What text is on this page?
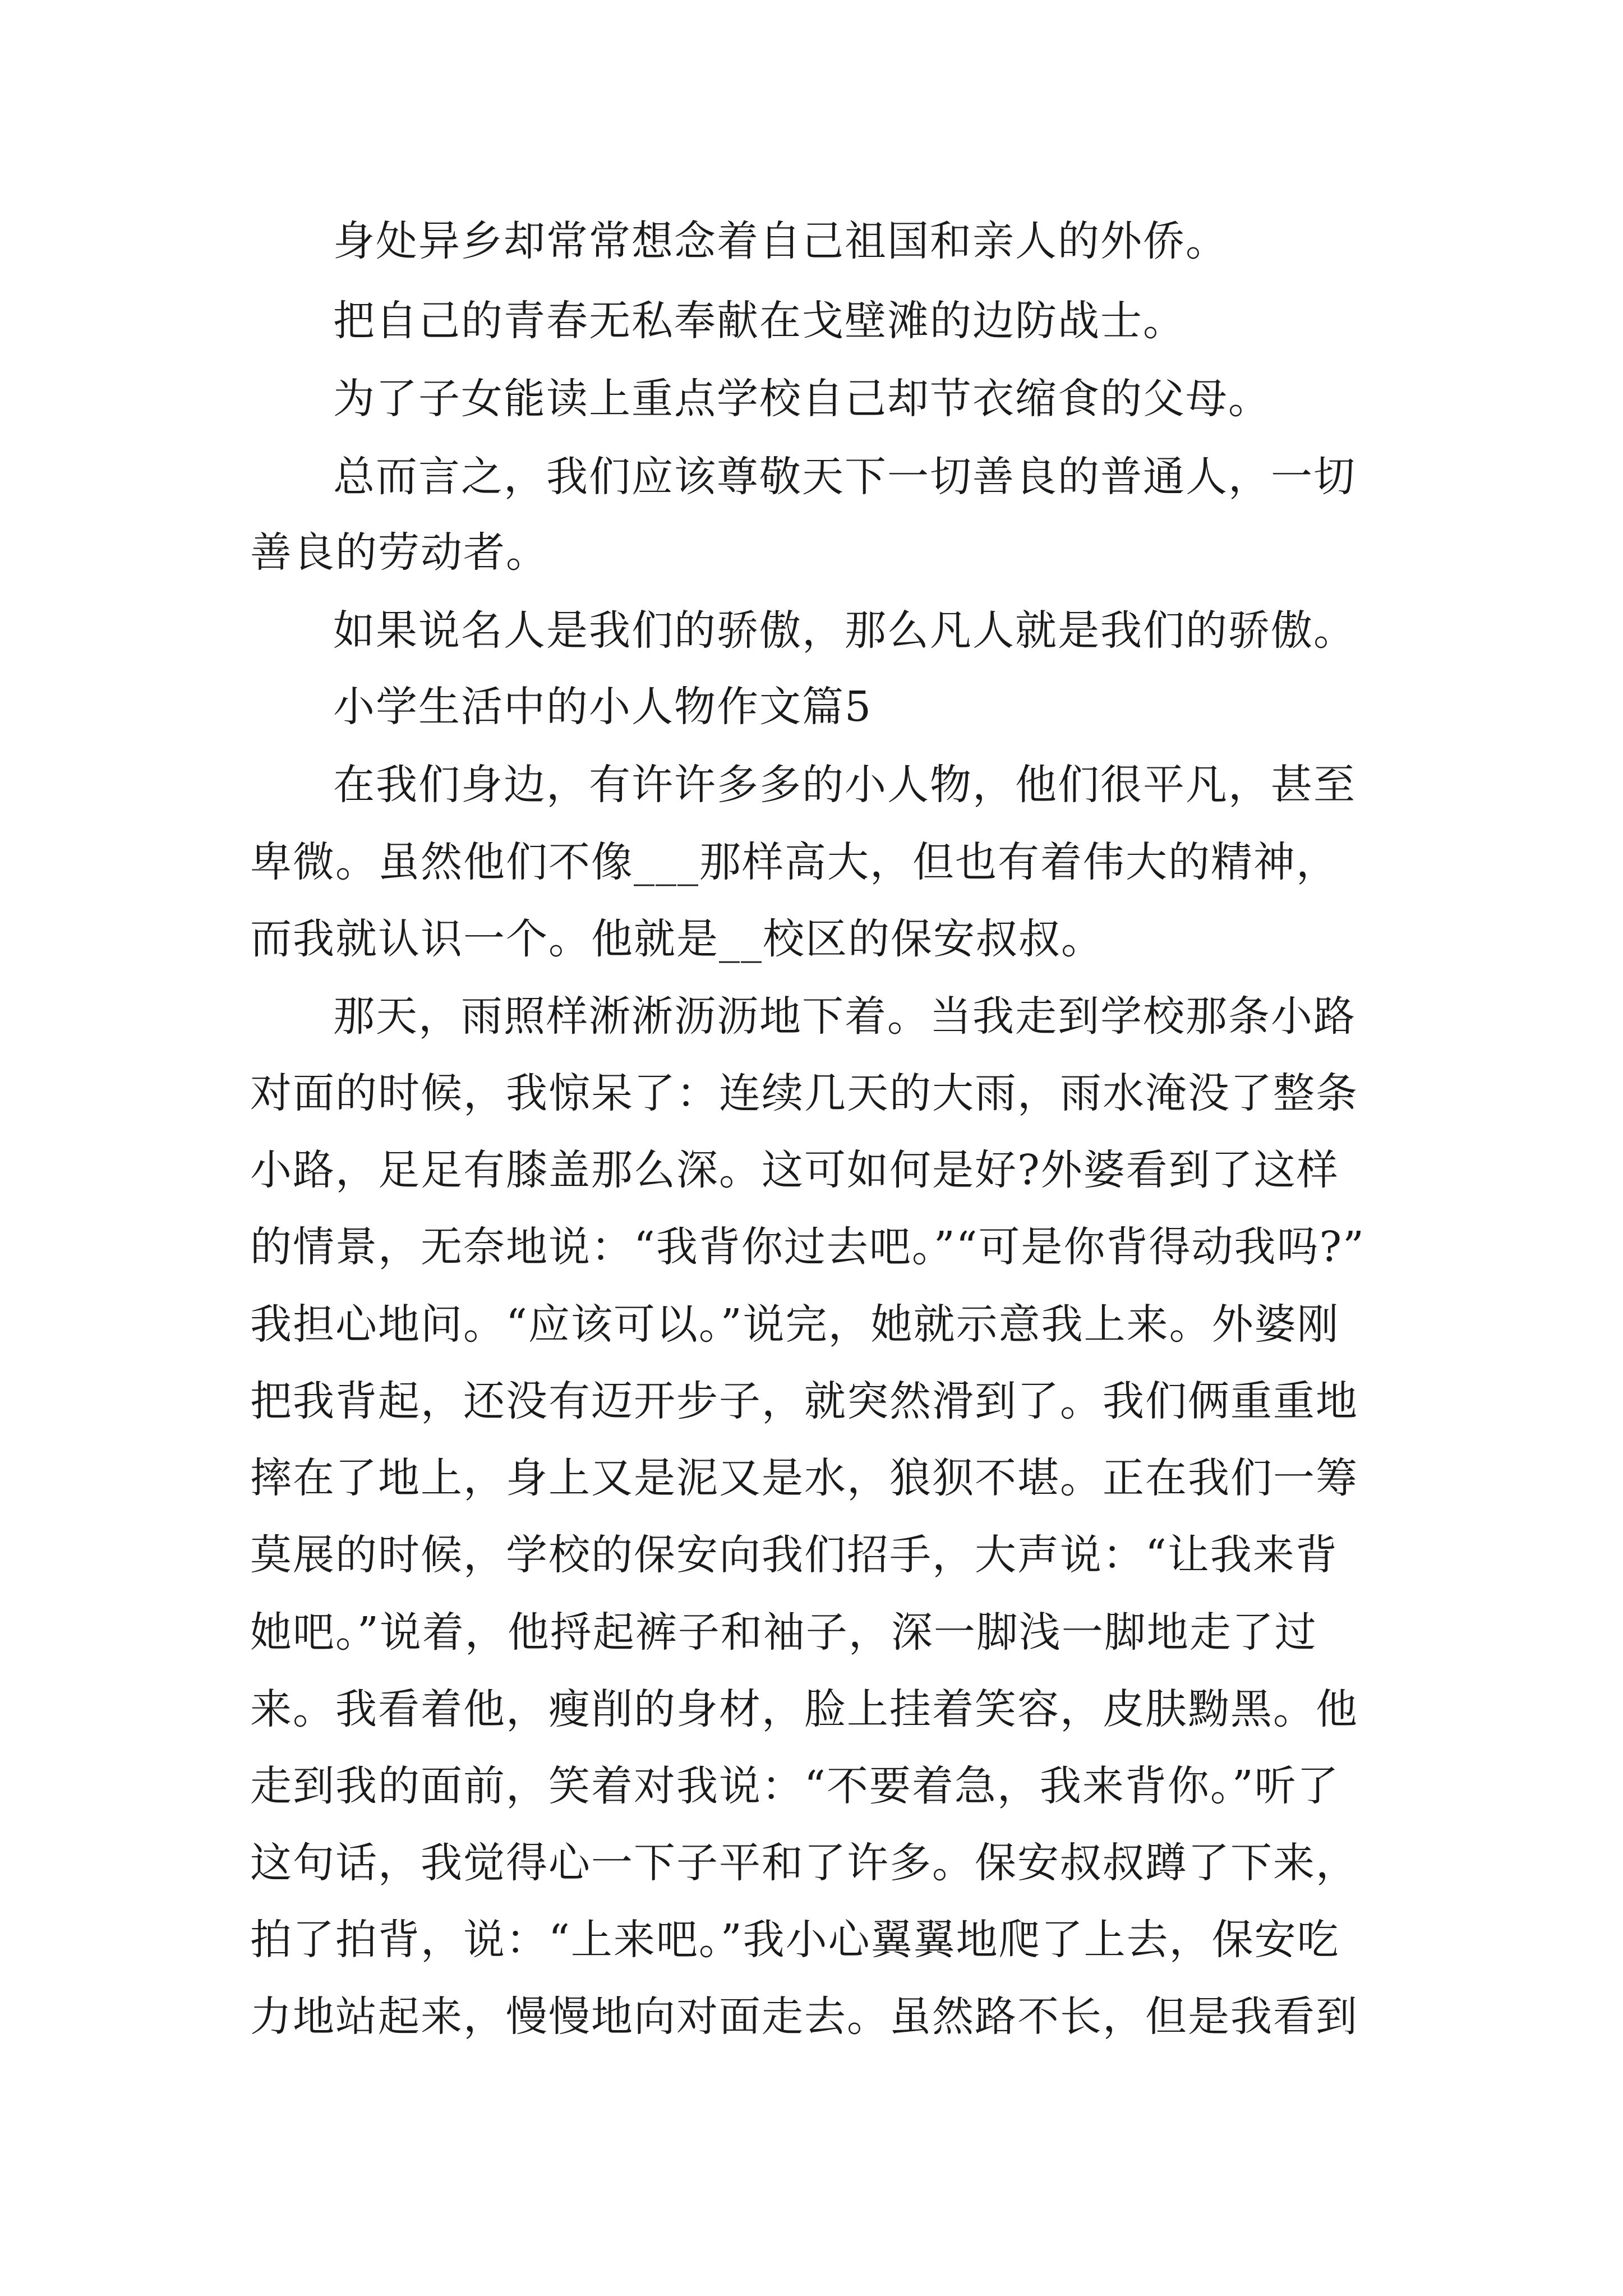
身处异乡却常常想念着自己祖国和亲人的外侨。
把自己的青春无私奉献在戈壁滩的边防战士。
为了子女能读上重点学校自己却节衣缩食的父母。
总而言之，我们应该尊敬天下一切善良的普通人，一切
善良的劳动者。
如果说名人是我们的骄傲，那么凡人就是我们的骄傲。
小学生活中的小人物作文篇5
在我们身边，有许许多多的小人物，他们很平凡，甚至
卑微。虽然他们不像___那样高大，但也有着伟大的精神，
而我就认识一个。他就是__校区的保安叔叔。
那天，雨照样淅淅沥沥地下着。当我走到学校那条小路
对面的时候，我惊呆了：连续几天的大雨，雨水淹没了整条
小路，足足有膝盖那么深。这可如何是好?外婆看到了这样
的情景，无奈地说：“我背你过去吧。”“可是你背得动我吗?”
我担心地问。“应该可以。”说完，她就示意我上来。外婆刚
把我背起，还没有迈开步子，就突然滑到了。我们俩重重地
摔在了地上，身上又是泥又是水，狼狈不堪。正在我们一筹
莫展的时候，学校的保安向我们招手，大声说：“让我来背
她吧。”说着，他捋起裤子和袖子，深一脚浅一脚地走了过
来。我看着他，瘦削的身材，脸上挂着笑容，皮肤黝黑。他
走到我的面前，笑着对我说：“不要着急，我来背你。”听了
这句话，我觉得心一下子平和了许多。保安叔叔蹲了下来，
拍了拍背，说：“上来吧。”我小心翼翼地爬了上去，保安吃
力地站起来，慢慢地向对面走去。虽然路不长，但是我看到
